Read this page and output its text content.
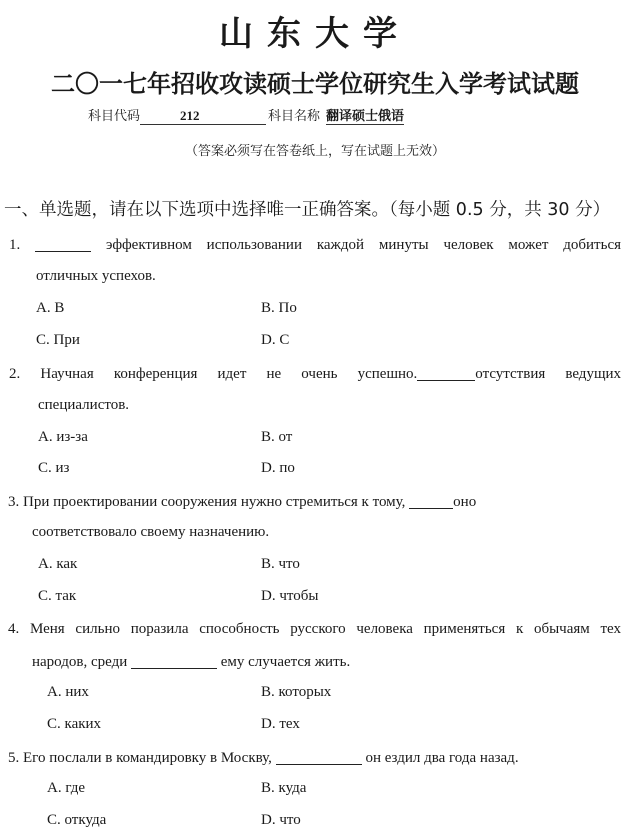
山东大学
二〇一七年招收攻读硕士学位研究生入学考试试题
科目代码	212	科目名称 翻译硕士俄语
（答案必须写在答卷纸上，写在试题上无效）
一、单选题，请在以下选项中选择唯一正确答案。（每小题 0.5 分，共 30 分）
1.	эффективном использовании каждой минуты человек может добиться
отличных успехов.
A. В	B. По
C. При	D. С
2. Научная конференция идет не очень успешно.	отсутствия ведущих
специалистов.
A. из-за	B. от
C. из	D. по
3. При проектировании сооружения нужно стремиться к тому,	оно
соответствовало своему назначению.
A. как	B. что
C. так	D. чтобы
4. Меня сильно поразила способность русского человека применяться к обычаям тех
народов, среди	ему случается жить.
A. них	B. которых
C. каких	D. тех
5. Его послали в командировку в Москву,	он ездил два года назад.
A. где	B. куда
C. откуда	D. что
